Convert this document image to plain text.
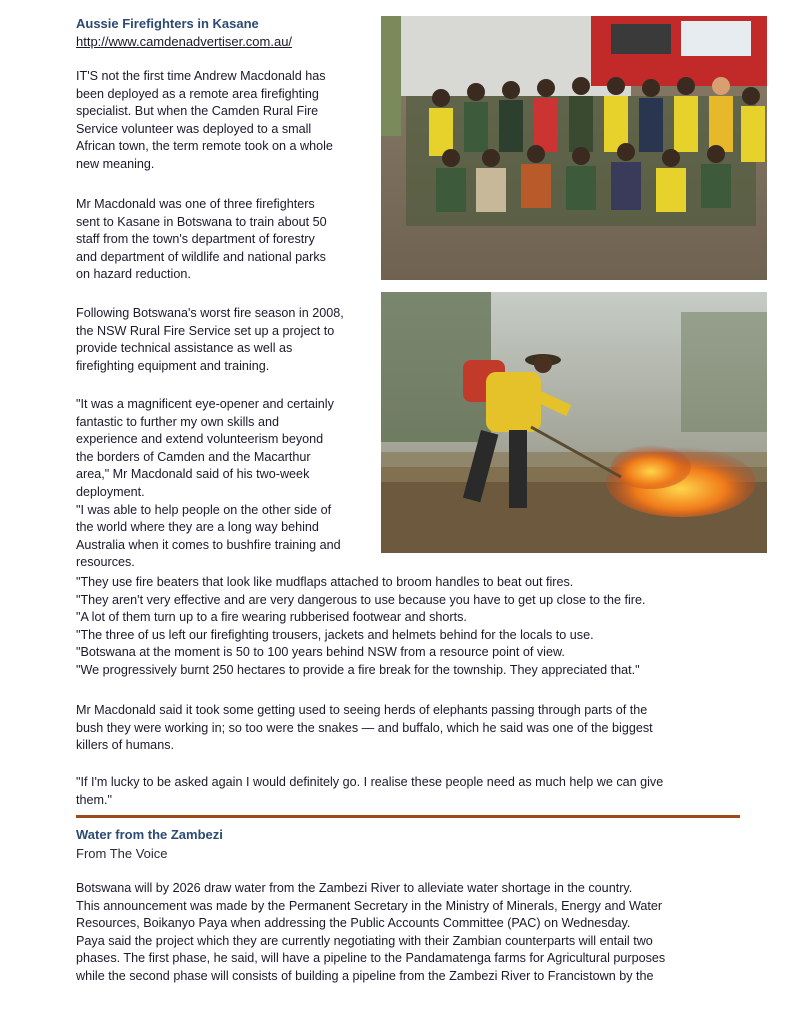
Aussie Firefighters in Kasane
http://www.camdenadvertiser.com.au/
IT'S not the first time Andrew Macdonald has
been deployed as a remote area firefighting
specialist. But when the Camden Rural Fire
Service volunteer was deployed to a small
African town, the term remote took on a whole
new meaning.
Mr Macdonald was one of three firefighters
sent to Kasane in Botswana to train about 50
staff from the town's department of forestry
and department of wildlife and national parks
on hazard reduction.
Following Botswana's worst fire season in 2008,
the NSW Rural Fire Service set up a project to
provide technical assistance as well as
firefighting equipment and training.
"It was a magnificent eye-opener and certainly
fantastic to further my own skills and
experience and extend volunteerism beyond
the borders of Camden and the Macarthur
area," Mr Macdonald said of his two-week
deployment.
"I was able to help people on the other side of
the world where they are a long way behind
Australia when it comes to bushfire training and
resources.
"They use fire beaters that look like mudflaps attached to broom handles to beat out fires.
"They aren't very effective and are very dangerous to use because you have to get up close to the fire.
"A lot of them turn up to a fire wearing rubberised footwear and shorts.
"The three of us left our firefighting trousers, jackets and helmets behind for the locals to use.
"Botswana at the moment is 50 to 100 years behind NSW from a resource point of view.
"We progressively burnt 250 hectares to provide a fire break for the township. They appreciated that."
Mr Macdonald said it took some getting used to seeing herds of elephants passing through parts of the
bush they were working in; so too were the snakes — and buffalo, which he said was one of the biggest
killers of humans.
"If I'm lucky to be asked again I would definitely go. I realise these people need as much help we can give
them."
Water from the Zambezi
From The Voice
Botswana will by 2026 draw water from the Zambezi River to alleviate water shortage in the country.
This announcement was made by the Permanent Secretary in the Ministry of Minerals, Energy and Water
Resources, Boikanyo Paya when addressing the Public Accounts Committee (PAC) on Wednesday.
Paya said the project which they are currently negotiating with their Zambian counterparts will entail two
phases. The first phase, he said, will have a pipeline to the Pandamatenga farms for Agricultural purposes
while the second phase will consists of building a pipeline from the Zambezi River to Francistown by the
